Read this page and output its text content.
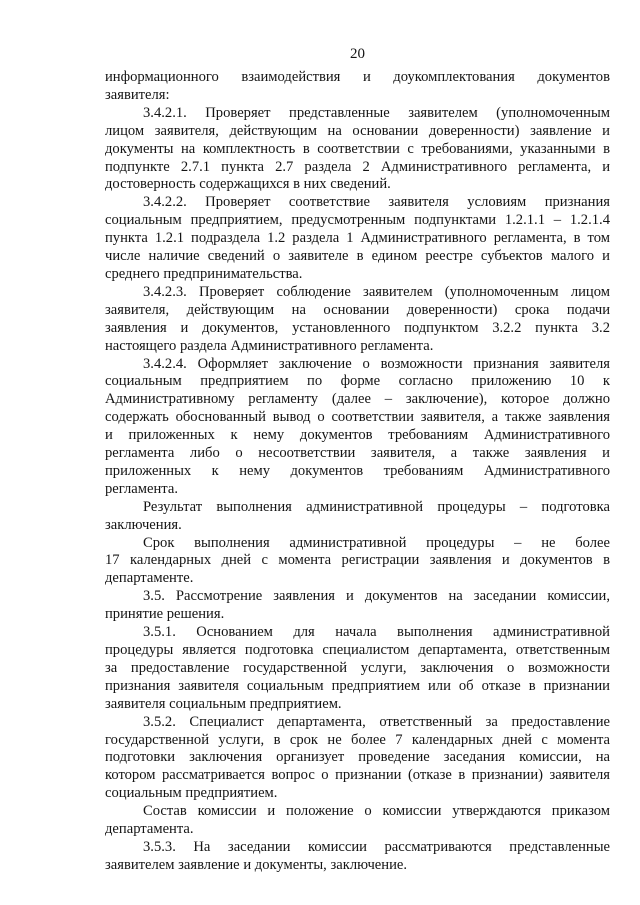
20
информационного взаимодействия и доукомплектования документов
заявителя:
3.4.2.1. Проверяет представленные заявителем (уполномоченным
лицом заявителя, действующим на основании доверенности) заявление и
документы на комплектность в соответствии с требованиями, указанными в
подпункте 2.7.1 пункта 2.7 раздела 2 Административного регламента, и
достоверность содержащихся в них сведений.
3.4.2.2. Проверяет соответствие заявителя условиям признания
социальным предприятием, предусмотренным подпунктами 1.2.1.1 – 1.2.1.4
пункта 1.2.1 подраздела 1.2 раздела 1 Административного регламента, в том
числе наличие сведений о заявителе в едином реестре субъектов малого и
среднего предпринимательства.
3.4.2.3. Проверяет соблюдение заявителем (уполномоченным лицом
заявителя, действующим на основании доверенности) срока подачи
заявления и документов, установленного подпунктом 3.2.2 пункта 3.2
настоящего раздела Административного регламента.
3.4.2.4. Оформляет заключение о возможности признания заявителя
социальным предприятием по форме согласно приложению 10 к
Административному регламенту (далее – заключение), которое должно
содержать обоснованный вывод о соответствии заявителя, а также заявления
и приложенных к нему документов требованиям Административного
регламента либо о несоответствии заявителя, а также заявления и
приложенных к нему документов требованиям Административного
регламента.
Результат выполнения административной процедуры – подготовка
заключения.
Срок выполнения административной процедуры – не более
17 календарных дней с момента регистрации заявления и документов в
департаменте.
3.5. Рассмотрение заявления и документов на заседании комиссии,
принятие решения.
3.5.1. Основанием для начала выполнения административной
процедуры является подготовка специалистом департамента, ответственным
за предоставление государственной услуги, заключения о возможности
признания заявителя социальным предприятием или об отказе в признании
заявителя социальным предприятием.
3.5.2. Специалист департамента, ответственный за предоставление
государственной услуги, в срок не более 7 календарных дней с момента
подготовки заключения организует проведение заседания комиссии, на
котором рассматривается вопрос о признании (отказе в признании) заявителя
социальным предприятием.
Состав комиссии и положение о комиссии утверждаются приказом
департамента.
3.5.3. На заседании комиссии рассматриваются представленные
заявителем заявление и документы, заключение.
